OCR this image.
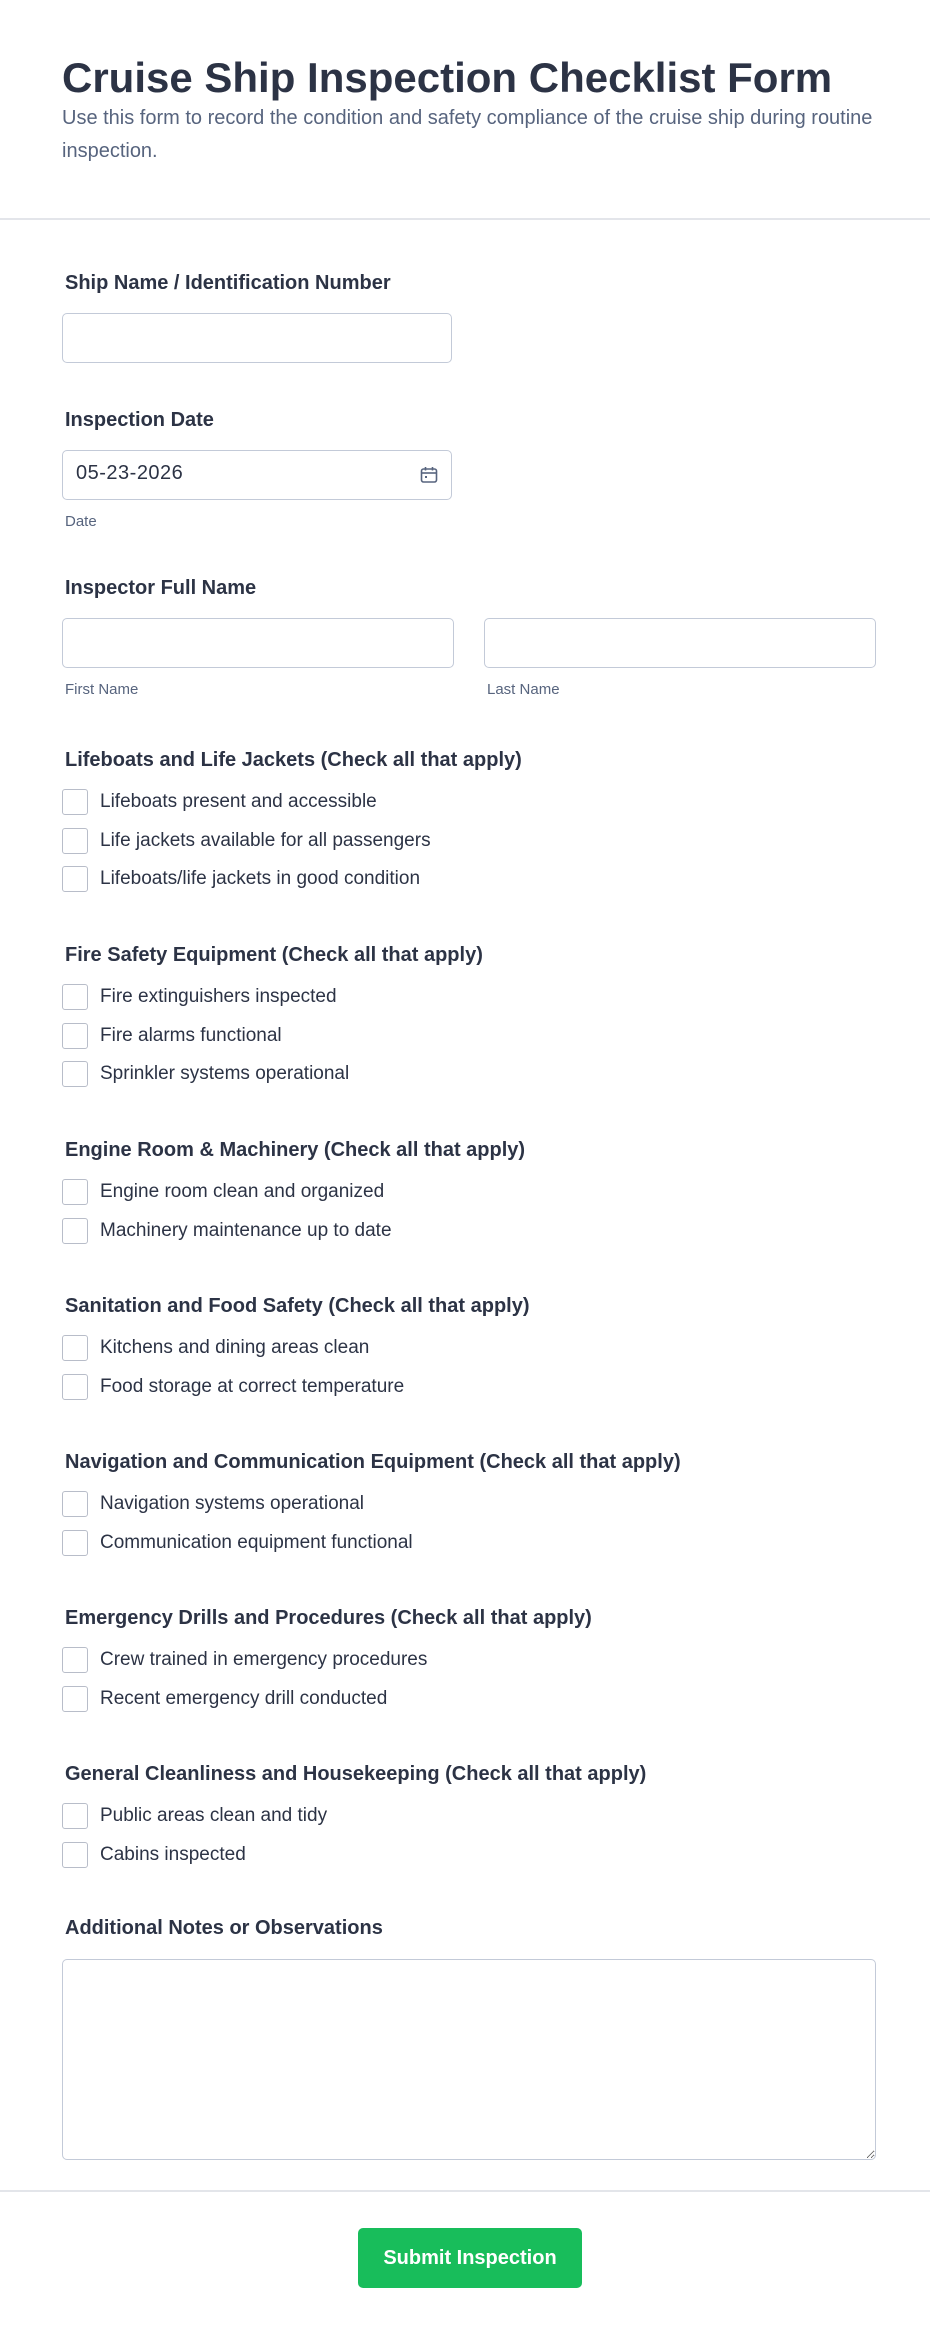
Cruise Ship Inspection Checklist Form

Use this form to record the condition and safety compliance of the cruise ship during routine inspection.

Ship Name / Identification Number
Inspection Date
05-23-2026
Date
Inspector Full Name
First Name	Last Name
Lifeboats and Life Jackets (Check all that apply)
Lifeboats present and accessible
Life jackets available for all passengers
Lifeboats/life jackets in good condition
Fire Safety Equipment (Check all that apply)
Fire extinguishers inspected
Fire alarms functional
Sprinkler systems operational
Engine Room & Machinery (Check all that apply)
Engine room clean and organized
Machinery maintenance up to date
Sanitation and Food Safety (Check all that apply)
Kitchens and dining areas clean
Food storage at correct temperature
Navigation and Communication Equipment (Check all that apply)
Navigation systems operational
Communication equipment functional
Emergency Drills and Procedures (Check all that apply)
Crew trained in emergency procedures
Recent emergency drill conducted
General Cleanliness and Housekeeping (Check all that apply)
Public areas clean and tidy
Cabins inspected
Additional Notes or Observations
Submit Inspection
